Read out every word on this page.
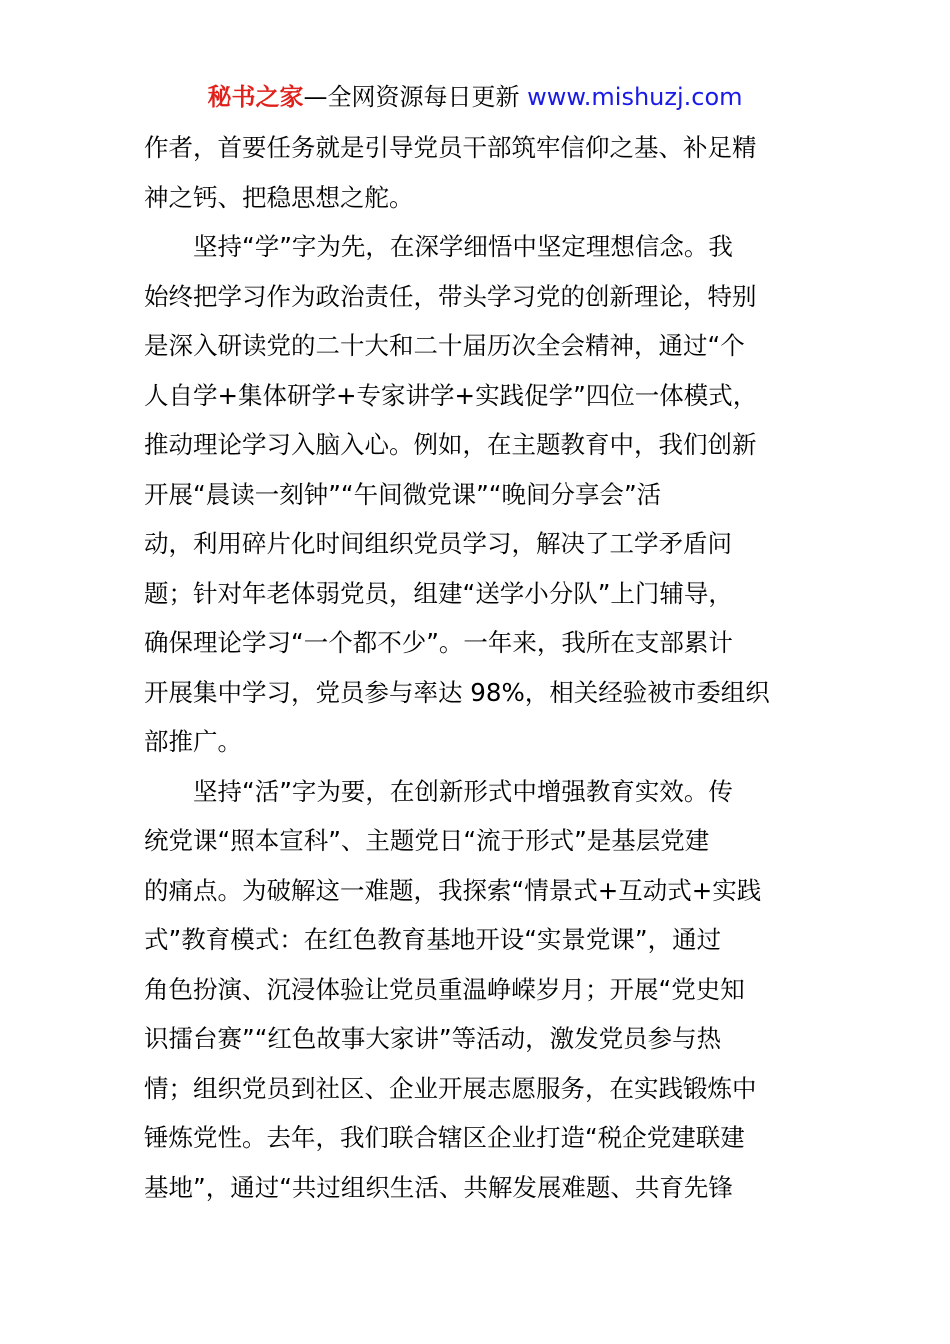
秘书之家—全网资源每日更新 www.mishuzj.com
作者，首要任务就是引导党员干部筑牢信仰之基、补足精
神之钙、把稳思想之舵。
　　坚持“学”字为先，在深学细悟中坚定理想信念。我
始终把学习作为政治责任，带头学习党的创新理论，特别
是深入研读党的二十大和二十届历次全会精神，通过“个
人自学+集体研学+专家讲学+实践促学”四位一体模式，
推动理论学习入脑入心。例如，在主题教育中，我们创新
开展“晨读一刻钟”“午间微党课”“晚间分享会”活
动，利用碎片化时间组织党员学习，解决了工学矛盾问
题；针对年老体弱党员，组建“送学小分队”上门辅导，
确保理论学习“一个都不少”。一年来，我所在支部累计
开展集中学习，党员参与率达 98%，相关经验被市委组织
部推广。
　　坚持“活”字为要，在创新形式中增强教育实效。传
统党课“照本宣科”、主题党日“流于形式”是基层党建
的痛点。为破解这一难题，我探索“情景式+互动式+实践
式”教育模式：在红色教育基地开设“实景党课”，通过
角色扮演、沉浸体验让党员重温峥嵘岁月；开展“党史知
识擂台赛”“红色故事大家讲”等活动，激发党员参与热
情；组织党员到社区、企业开展志愿服务，在实践锻炼中
锤炼党性。去年，我们联合辖区企业打造“税企党建联建
基地”，通过“共过组织生活、共解发展难题、共育先锋
